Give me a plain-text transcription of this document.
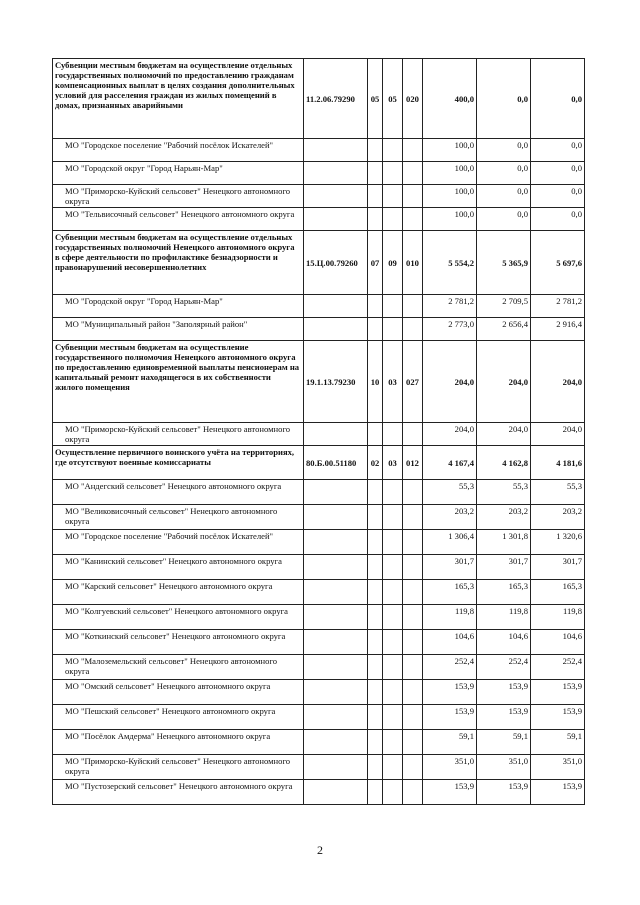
Субвенции местным бюджетам на осуществление отдельных государственных полномочий по предоставлению гражданам компенсационных выплат в целях создания дополнительных условий для расселения граждан из жилых помещений в домах, признанных аварийными	11.2.06.79290	05	05	020	400,0	0,0	0,0
МО "Городское поселение "Рабочий посёлок Искателей"					100,0	0,0	0,0
МО "Городской округ "Город Нарьян-Мар"					100,0	0,0	0,0
МО "Приморско-Куйский сельсовет" Ненецкого автономного округа					100,0	0,0	0,0
МО "Тельвисочный сельсовет" Ненецкого автономного округа					100,0	0,0	0,0
Субвенции местным бюджетам на осуществление отдельных государственных полномочий Ненецкого автономного округа в сфере деятельности по профилактике безнадзорности и правонарушений несовершеннолетних	15.Ц.00.79260	07	09	010	5 554,2	5 365,9	5 697,6
МО "Городской округ "Город Нарьян-Мар"					2 781,2	2 709,5	2 781,2
МО "Муниципальный район "Заполярный район"					2 773,0	2 656,4	2 916,4
Субвенции местным бюджетам на осуществление государственного полномочия Ненецкого автономного округа по предоставлению единовременной выплаты пенсионерам на капитальный ремонт находящегося в их собственности жилого помещения	19.1.13.79230	10	03	027	204,0	204,0	204,0
МО "Приморско-Куйский сельсовет" Ненецкого автономного округа					204,0	204,0	204,0
Осуществление первичного воинского учёта на территориях, где отсутствуют военные комиссариаты	80.Б.00.51180	02	03	012	4 167,4	4 162,8	4 181,6
МО "Андегский сельсовет" Ненецкого автономного округа					55,3	55,3	55,3
МО "Великовисочный сельсовет" Ненецкого автономного округа					203,2	203,2	203,2
МО "Городское поселение "Рабочий посёлок Искателей"					1 306,4	1 301,8	1 320,6
МО "Канинский сельсовет" Ненецкого автономного округа					301,7	301,7	301,7
МО "Карский сельсовет" Ненецкого автономного округа					165,3	165,3	165,3
МО "Колгуевский сельсовет" Ненецкого автономного округа					119,8	119,8	119,8
МО "Коткинский сельсовет" Ненецкого автономного округа					104,6	104,6	104,6
МО "Малоземельский сельсовет" Ненецкого автономного округа					252,4	252,4	252,4
МО "Омский сельсовет" Ненецкого автономного округа					153,9	153,9	153,9
МО "Пешский сельсовет" Ненецкого автономного округа					153,9	153,9	153,9
МО "Посёлок Амдерма" Ненецкого автономного округа					59,1	59,1	59,1
МО "Приморско-Куйский сельсовет" Ненецкого автономного округа					351,0	351,0	351,0
МО "Пустозерский сельсовет" Ненецкого автономного округа					153,9	153,9	153,9
2
